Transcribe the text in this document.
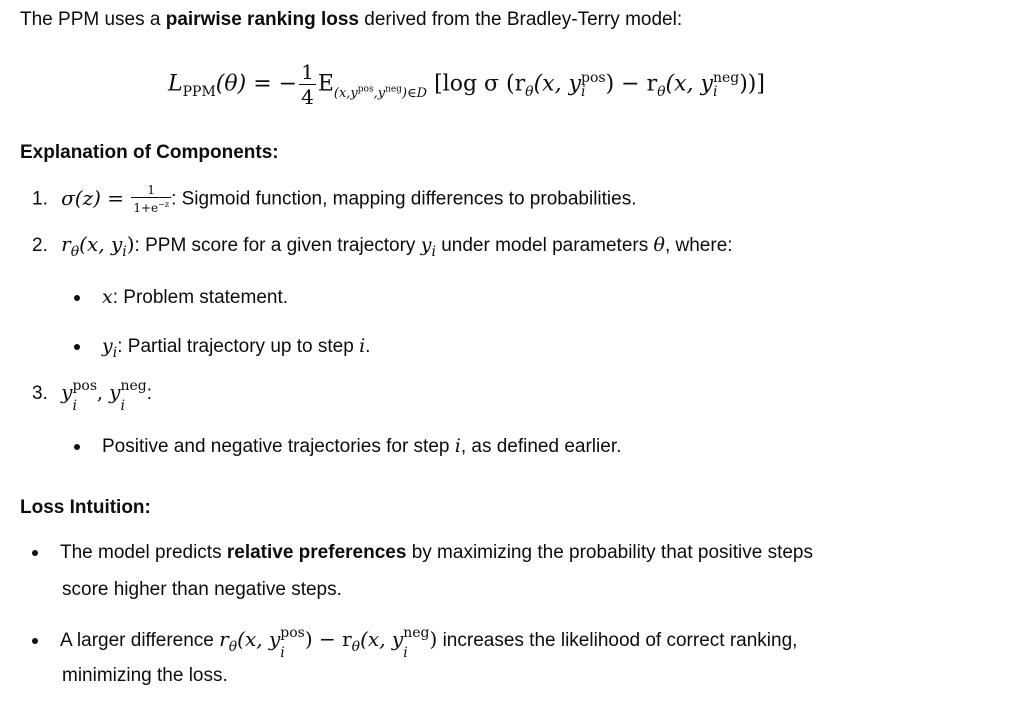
The PPM uses a pairwise ranking loss derived from the Bradley-Terry model:
$L_{PPM}(\theta)$ = − $\frac{1}{4} E_{(x,y^{pos},y^{neg})\in D}$ [log σ ($r_\theta(x$, $y^{pos}$
i ) − $r_\theta(x$, $y^{neg}$
i ))]
Explanation of Components:
1. $\sigma(z) = \frac{1}{1+e^{-z}}$ : Sigmoid function, mapping differences to probabilities.
2. $r_\theta(x$, $y_i$): PPM score for a given trajectory $y_i$ under model parameters θ, where:
x: Problem statement.
$y_i$: Partial trajectory up to step i.
3. $y^{pos}$
i
, $y^{neg}$
i
:
Positive and negative trajectories for step i, as defined earlier.
Loss Intuition:
The model predicts relative preferences by maximizing the probability that positive steps
score higher than negative steps.
A larger difference $r_\theta(x$, $y^{pos}$
i
) − $r_\theta(x$, $y^{neg}$
i
) increases the likelihood of correct ranking,
minimizing the loss.
